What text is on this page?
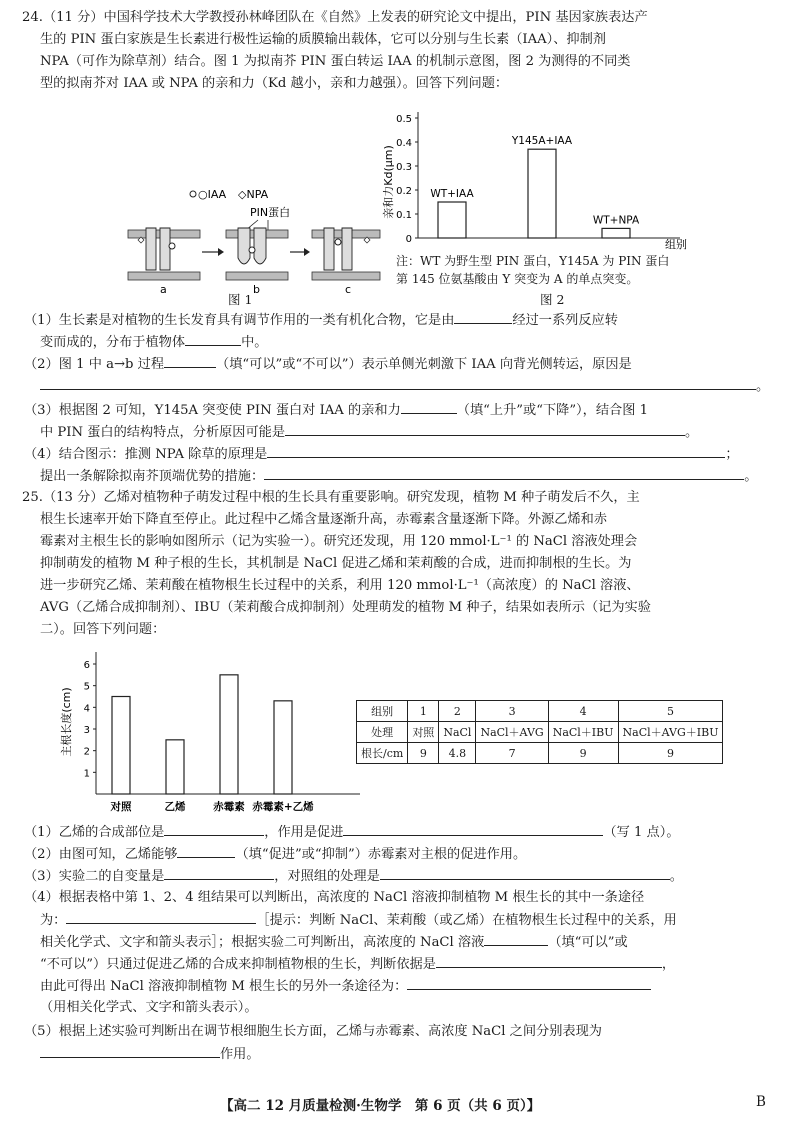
24.（11 分）中国科学技术大学教授孙林峰团队在《自然》上发表的研究论文中提出，PIN 基因家族表达产
生的 PIN 蛋白家族是生长素进行极性运输的质膜输出载体，它可以分别与生长素（IAA）、抑制剂
NPA（可作为除草剂）结合。图 1 为拟南芥 PIN 蛋白转运 IAA 的机制示意图，图 2 为测得的不同类
型的拟南芥对 IAA 或 NPA 的亲和力（Kd 越小，亲和力越强）。回答下列问题：
○IAA ◇NPA
PIN蛋白
a	b	c
图 1
亲和力Kd(μm)
0.5
0.4
0.3
0.2
0.1
0
WT+IAA
Y145A+IAA
WT+NPA
组别
注：WT 为野生型 PIN 蛋白，Y145A 为 PIN 蛋白
第 145 位氨基酸由 Y 突变为 A 的单点突变。
图 2
（1）生长素是对植物的生长发育具有调节作用的一类有机化合物，它是由	经过一系列反应转
变而成的，分布于植物体	中。
（2）图 1 中 a→b 过程	（填“可以”或“不可以”）表示单侧光刺激下 IAA 向背光侧转运，原因是
。
（3）根据图 2 可知，Y145A 突变使 PIN 蛋白对 IAA 的亲和力	（填“上升”或“下降”），结合图 1
中 PIN 蛋白的结构特点，分析原因可能是	。
（4）结合图示：推测 NPA 除草的原理是	；
提出一条解除拟南芥顶端优势的措施：	。
25.（13 分）乙烯对植物种子萌发过程中根的生长具有重要影响。研究发现，植物 M 种子萌发后不久，主
根生长速率开始下降直至停止。此过程中乙烯含量逐渐升高，赤霉素含量逐渐下降。外源乙烯和赤
霉素对主根生长的影响如图所示（记为实验一）。研究还发现，用 120 mmol·L⁻¹ 的 NaCl 溶液处理会
抑制萌发的植物 M 种子根的生长，其机制是 NaCl 促进乙烯和茉莉酸的合成，进而抑制根的生长。为
进一步研究乙烯、茉莉酸在植物根生长过程中的关系，利用 120 mmol·L⁻¹（高浓度）的 NaCl 溶液、
AVG（乙烯合成抑制剂）、IBU（茉莉酸合成抑制剂）处理萌发的植物 M 种子，结果如表所示（记为实验
二）。回答下列问题：
主根长度(cm)
1
2
3
4
5
6
对照	乙烯	赤霉素 赤霉素+乙烯
组别	1	2	3	4	5
处理	对照	NaCl	NaCl＋AVG	NaCl＋IBU	NaCl＋AVG＋IBU
根长/cm	9	4.8	7	9	9
（1）乙烯的合成部位是	，作用是促进	（写 1 点）。
（2）由图可知，乙烯能够	（填“促进”或“抑制”）赤霉素对主根的促进作用。
（3）实验二的自变量是	，对照组的处理是	。
（4）根据表格中第 1、2、4 组结果可以判断出，高浓度的 NaCl 溶液抑制植物 M 根生长的其中一条途径
为：	［提示：判断 NaCl、茉莉酸（或乙烯）在植物根生长过程中的关系，用
相关化学式、文字和箭头表示］；根据实验二可判断出，高浓度的 NaCl 溶液	（填“可以”或
“不可以”）只通过促进乙烯的合成来抑制植物根的生长，判断依据是	，
由此可得出 NaCl 溶液抑制植物 M 根生长的另外一条途径为：
（用相关化学式、文字和箭头表示）。
（5）根据上述实验可判断出在调节根细胞生长方面，乙烯与赤霉素、高浓度 NaCl 之间分别表现为
作用。
【高二 12 月质量检测·生物学　第 6 页（共 6 页）】	B
